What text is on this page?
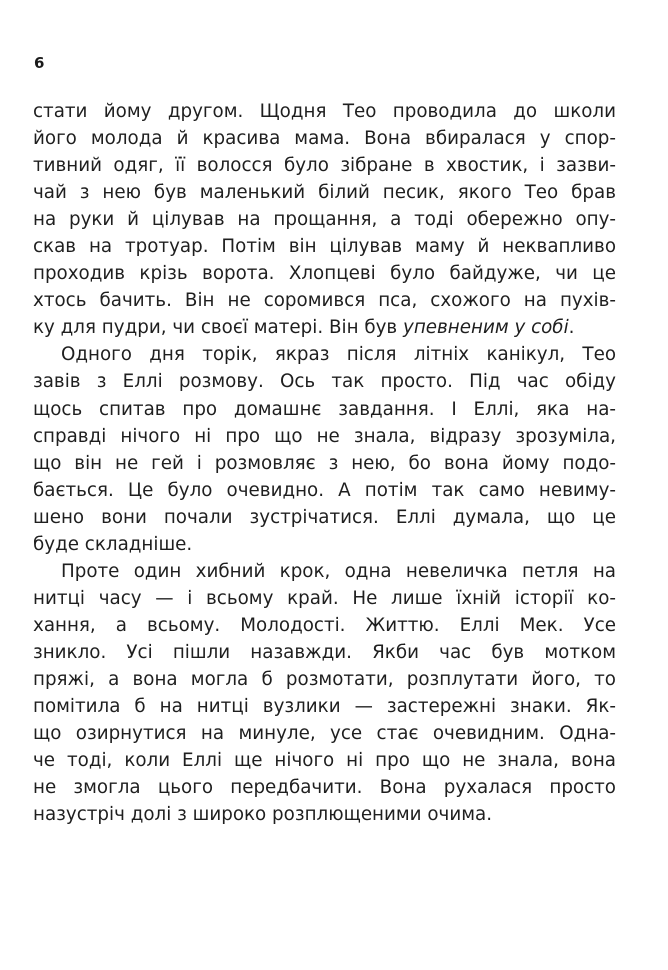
6

стати йому другом. Щодня Тео проводила до школи
його молода й красива мама. Вона вбиралася у спор-
тивний одяг, її волосся було зібране в хвостик, і зазви-
чай з нею був маленький білий песик, якого Тео брав
на руки й цілував на прощання, а тоді обережно опу-
скав на тротуар. Потім він цілував маму й неквапливо
проходив крізь ворота. Хлопцеві було байдуже, чи це
хтось бачить. Він не соромився пса, схожого на пухів-
ку для пудри, чи своєї матері. Він був упевненим у собі.

Одного дня торік, якраз після літніх канікул, Тео
завів з Еллі розмову. Ось так просто. Під час обіду
щось спитав про домашнє завдання. І Еллі, яка на-
справді нічого ні про що не знала, відразу зрозуміла,
що він не гей і розмовляє з нею, бо вона йому подо-
бається. Це було очевидно. А потім так само невиму-
шено вони почали зустрічатися. Еллі думала, що це
буде складніше.

Проте один хибний крок, одна невеличка петля на
нитці часу — і всьому край. Не лише їхній історії ко-
хання, а всьому. Молодості. Життю. Еллі Мек. Усе
зникло. Усі пішли назавжди. Якби час був мотком
пряжі, а вона могла б розмотати, розплутати його, то
помітила б на нитці вузлики — застережні знаки. Як-
що озирнутися на минуле, усе стає очевидним. Одна-
че тоді, коли Еллі ще нічого ні про що не знала, вона
не змогла цього передбачити. Вона рухалася просто
назустріч долі з широко розплющеними очима.
